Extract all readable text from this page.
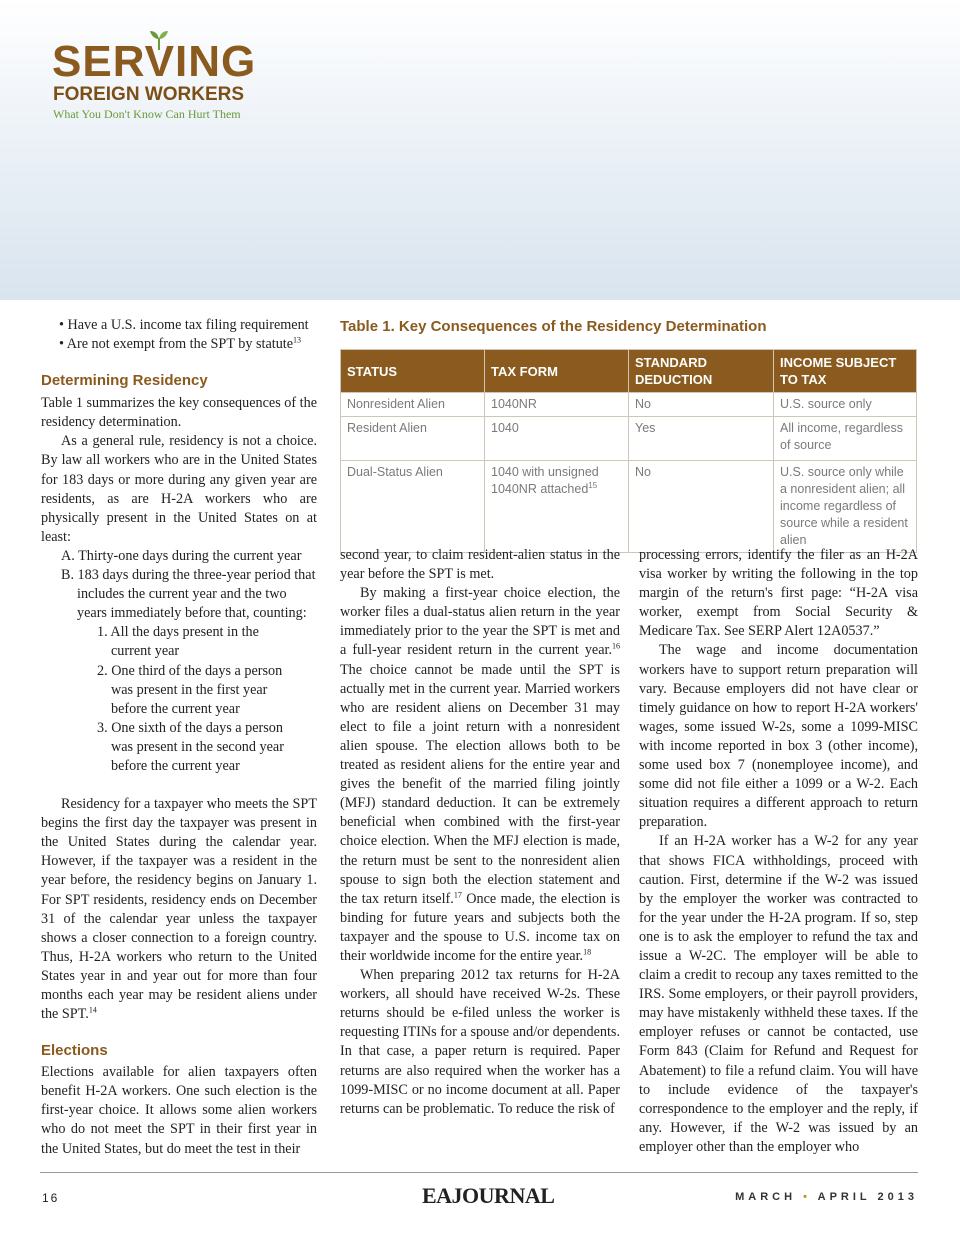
SERVING
FOREIGN WORKERS
What You Don't Know Can Hurt Them
• Have a U.S. income tax filing requirement
• Are not exempt from the SPT by statute$^{13}$
Determining Residency

Table 1 summarizes the key consequences of the residency determination.

As a general rule, residency is not a choice. By law all workers who are in the United States for 183 days or more during any given year are residents, as are H-2A workers who are physically present in the United States on at least:

A. Thirty-one days during the current year
B. 183 days during the three-year period that includes the current year and the two years immediately before that, counting:
1. All the days present in the current year
2. One third of the days a person was present in the first year before the current year
3. One sixth of the days a person was present in the second year before the current year

Residency for a taxpayer who meets the SPT begins the first day the taxpayer was present in the United States during the calendar year. However, if the taxpayer was a resident in the year before, the residency begins on January 1. For SPT residents, residency ends on December 31 of the calendar year unless the taxpayer shows a closer connection to a foreign country. Thus, H-2A workers who return to the United States year in and year out for more than four months each year may be resident aliens under the SPT.$^{14}$

Elections

Elections available for alien taxpayers often benefit H-2A workers. One such election is the first-year choice. It allows some alien workers who do not meet the SPT in their first year in the United States, but do meet the test in their

Table 1. Key Consequences of the Residency Determination
STATUS	TAX FORM	STANDARD DEDUCTION	INCOME SUBJECT TO TAX
Nonresident Alien	1040NR	No	U.S. source only
Resident Alien	1040	Yes	All income, regardless of source
Dual-Status Alien	1040 with unsigned 1040NR attached$^{15}$	No	U.S. source only while a nonresident alien; all income regardless of source while a resident alien

second year, to claim resident-alien status in the year before the SPT is met.

By making a first-year choice election, the worker files a dual-status alien return in the year immediately prior to the year the SPT is met and a full-year resident return in the current year.$^{16}$ The choice cannot be made until the SPT is actually met in the current year. Married workers who are resident aliens on December 31 may elect to file a joint return with a nonresident alien spouse. The election allows both to be treated as resident aliens for the entire year and gives the benefit of the married filing jointly (MFJ) standard deduction. It can be extremely beneficial when combined with the first-year choice election. When the MFJ election is made, the return must be sent to the nonresident alien spouse to sign both the election statement and the tax return itself.$^{17}$ Once made, the election is binding for future years and subjects both the taxpayer and the spouse to U.S. income tax on their worldwide income for the entire year.$^{18}$

When preparing 2012 tax returns for H-2A workers, all should have received W-2s. These returns should be e-filed unless the worker is requesting ITINs for a spouse and/or dependents. In that case, a paper return is required. Paper returns are also required when the worker has a 1099-MISC or no income document at all. Paper returns can be problematic. To reduce the risk of

processing errors, identify the filer as an H-2A visa worker by writing the following in the top margin of the return's first page: “H-2A visa worker, exempt from Social Security & Medicare Tax. See SERP Alert 12A0537.”

The wage and income documentation workers have to support return preparation will vary. Because employers did not have clear or timely guidance on how to report H-2A workers' wages, some issued W-2s, some a 1099-MISC with income reported in box 3 (other income), some used box 7 (nonemployee income), and some did not file either a 1099 or a W-2. Each situation requires a different approach to return preparation.

If an H-2A worker has a W-2 for any year that shows FICA withholdings, proceed with caution. First, determine if the W-2 was issued by the employer the worker was contracted to for the year under the H-2A program. If so, step one is to ask the employer to refund the tax and issue a W-2C. The employer will be able to claim a credit to recoup any taxes remitted to the IRS. Some employers, or their payroll providers, may have mistakenly withheld these taxes. If the employer refuses or cannot be contacted, use Form 843 (Claim for Refund and Request for Abatement) to file a refund claim. You will have to include evidence of the taxpayer's correspondence to the employer and the reply, if any. However, if the W-2 was issued by an employer other than the employer who

16	EAJOURNAL	MARCH • APRIL 2013
